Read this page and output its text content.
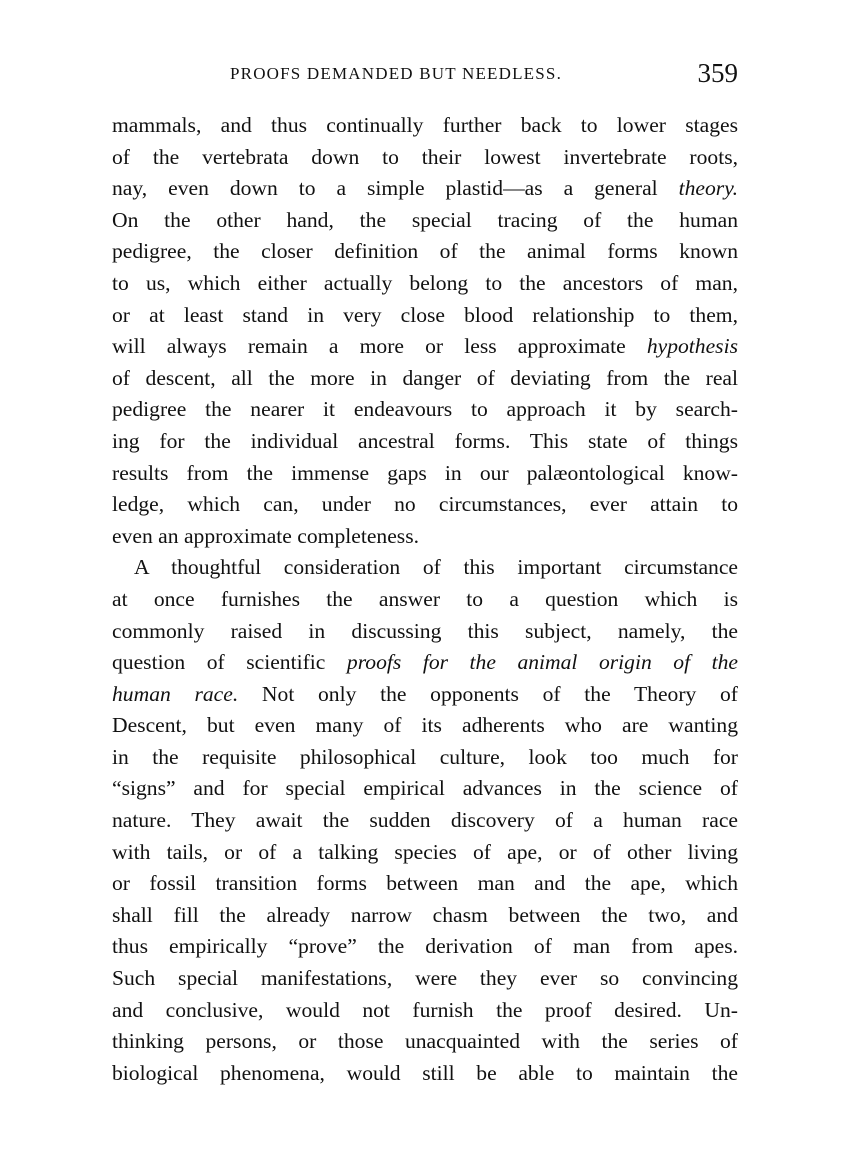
PROOFS DEMANDED BUT NEEDLESS.	359
mammals, and thus continually further back to lower stages
of the vertebrata down to their lowest invertebrate roots,
nay, even down to a simple plastid—as a general theory.
On the other hand, the special tracing of the human
pedigree, the closer definition of the animal forms known
to us, which either actually belong to the ancestors of man,
or at least stand in very close blood relationship to them,
will always remain a more or less approximate hypothesis
of descent, all the more in danger of deviating from the real
pedigree the nearer it endeavours to approach it by search-
ing for the individual ancestral forms. This state of things
results from the immense gaps in our palæontological know-
ledge, which can, under no circumstances, ever attain to
even an approximate completeness.
A thoughtful consideration of this important circumstance
at once furnishes the answer to a question which is
commonly raised in discussing this subject, namely, the
question of scientific proofs for the animal origin of the
human race. Not only the opponents of the Theory of
Descent, but even many of its adherents who are wanting
in the requisite philosophical culture, look too much for
“signs” and for special empirical advances in the science of
nature. They await the sudden discovery of a human race
with tails, or of a talking species of ape, or of other living
or fossil transition forms between man and the ape, which
shall fill the already narrow chasm between the two, and
thus empirically “prove” the derivation of man from apes.
Such special manifestations, were they ever so convincing
and conclusive, would not furnish the proof desired. Un-
thinking persons, or those unacquainted with the series of
biological phenomena, would still be able to maintain the
